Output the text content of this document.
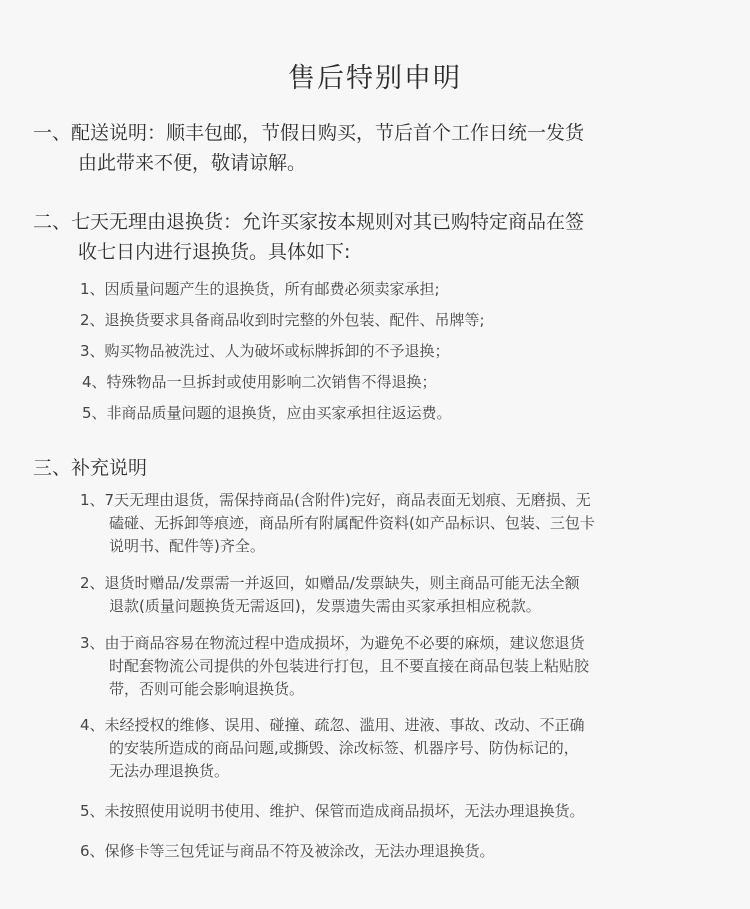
售后特别申明
一、配送说明：顺丰包邮，节假日购买，节后首个工作日统一发货
由此带来不便，敬请谅解。
二、七天无理由退换货：允许买家按本规则对其已购特定商品在签
收七日内进行退换货。具体如下:
1、因质量问题产生的退换货，所有邮费必须卖家承担;
2、退换货要求具备商品收到时完整的外包装、配件、吊牌等;
3、购买物品被洗过、人为破坏或标牌拆卸的不予退换；
4、特殊物品一旦拆封或使用影响二次销售不得退换；
5、非商品质量问题的退换货，应由买家承担往返运费。
三、补充说明
1、7天无理由退货，需保持商品(含附件)完好，商品表面无划痕、无磨损、无
磕碰、无拆卸等痕迹，商品所有附属配件资料(如产品标识、包装、三包卡
说明书、配件等)齐全。
2、退货时赠品/发票需一并返回，如赠品/发票缺失，则主商品可能无法全额
退款(质量问题换货无需返回)，发票遗失需由买家承担相应税款。
3、由于商品容易在物流过程中造成损坏，为避免不必要的麻烦，建议您退货
时配套物流公司提供的外包装进行打包，且不要直接在商品包装上粘贴胶
带，否则可能会影响退换货。
4、未经授权的维修、误用、碰撞、疏忽、滥用、进液、事故、改动、不正确
的安装所造成的商品问题,或撕毁、涂改标签、机器序号、防伪标记的，
无法办理退换货。
5、未按照使用说明书使用、维护、保管而造成商品损坏，无法办理退换货。
6、保修卡等三包凭证与商品不符及被涂改，无法办理退换货。
